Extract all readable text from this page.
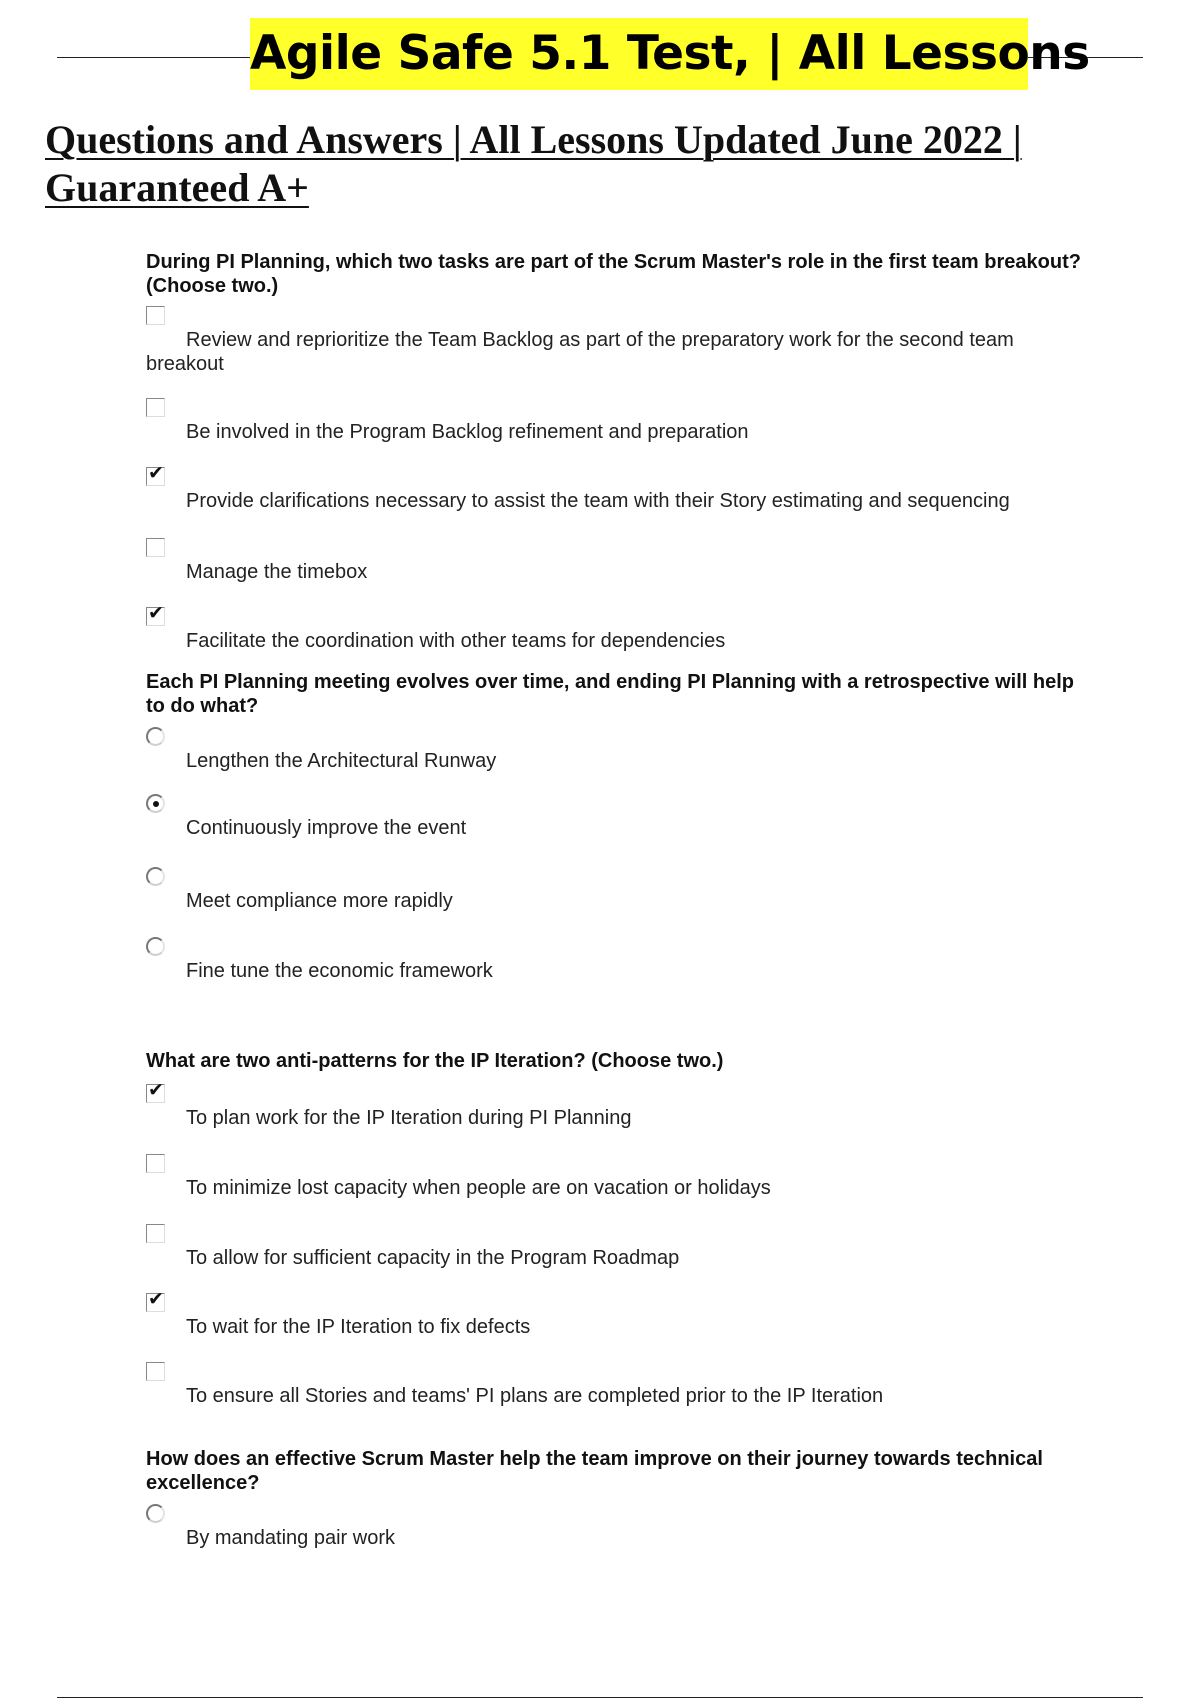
Agile Safe 5.1 Test, | All Lessons
Questions and Answers | All Lessons Updated June 2022 | Guaranteed A+
During PI Planning, which two tasks are part of the Scrum Master's role in the first team breakout? (Choose two.)
Review and reprioritize the Team Backlog as part of the preparatory work for the second team breakout
Be involved in the Program Backlog refinement and preparation
✔
Provide clarifications necessary to assist the team with their Story estimating and sequencing
Manage the timebox
✔
Facilitate the coordination with other teams for dependencies
Each PI Planning meeting evolves over time, and ending PI Planning with a retrospective will help to do what?
Lengthen the Architectural Runway
Continuously improve the event
Meet compliance more rapidly
Fine tune the economic framework
What are two anti-patterns for the IP Iteration? (Choose two.)
✔
To plan work for the IP Iteration during PI Planning
To minimize lost capacity when people are on vacation or holidays
To allow for sufficient capacity in the Program Roadmap
✔
To wait for the IP Iteration to fix defects
To ensure all Stories and teams' PI plans are completed prior to the IP Iteration
How does an effective Scrum Master help the team improve on their journey towards technical excellence?
By mandating pair work
